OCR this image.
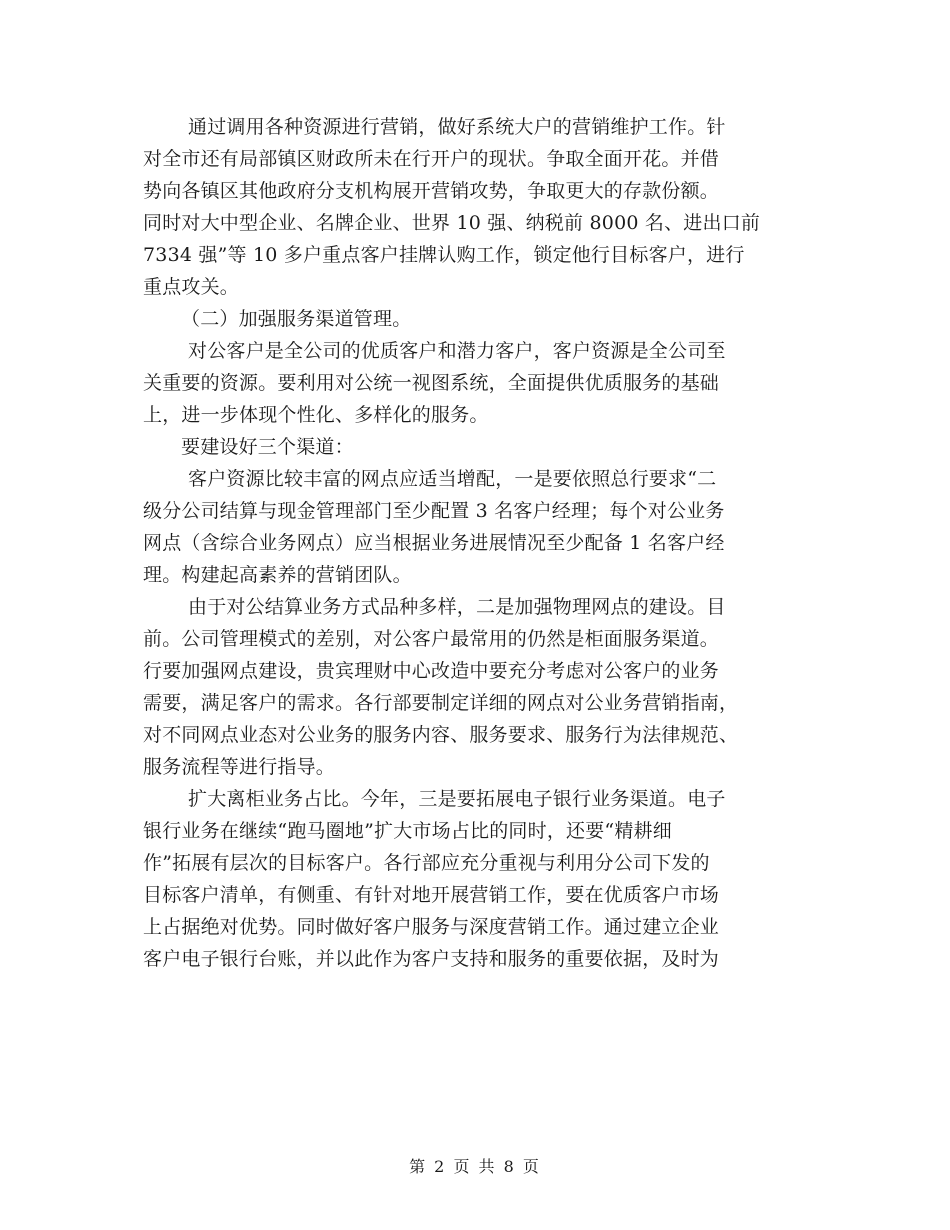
通过调用各种资源进行营销，做好系统大户的营销维护工作。针
对全市还有局部镇区财政所未在行开户的现状。争取全面开花。并借
势向各镇区其他政府分支机构展开营销攻势，争取更大的存款份额。
同时对大中型企业、名牌企业、世界 10 强、纳税前 8000 名、进出口前
7334 强”等 10 多户重点客户挂牌认购工作，锁定他行目标客户，进行
重点攻关。
（二）加强服务渠道管理。
对公客户是全公司的优质客户和潜力客户，客户资源是全公司至
关重要的资源。要利用对公统一视图系统，全面提供优质服务的基础
上，进一步体现个性化、多样化的服务。
要建设好三个渠道：
客户资源比较丰富的网点应适当增配，一是要依照总行要求“二
级分公司结算与现金管理部门至少配置 3 名客户经理；每个对公业务
网点（含综合业务网点）应当根据业务进展情况至少配备 1 名客户经
理。构建起高素养的营销团队。
由于对公结算业务方式品种多样，二是加强物理网点的建设。目
前。公司管理模式的差别，对公客户最常用的仍然是柜面服务渠道。
行要加强网点建设，贵宾理财中心改造中要充分考虑对公客户的业务
需要，满足客户的需求。各行部要制定详细的网点对公业务营销指南，
对不同网点业态对公业务的服务内容、服务要求、服务行为法律规范、
服务流程等进行指导。
扩大离柜业务占比。今年，三是要拓展电子银行业务渠道。电子
银行业务在继续“跑马圈地”扩大市场占比的同时，还要“精耕细
作”拓展有层次的目标客户。各行部应充分重视与利用分公司下发的
目标客户清单，有侧重、有针对地开展营销工作，要在优质客户市场
上占据绝对优势。同时做好客户服务与深度营销工作。通过建立企业
客户电子银行台账，并以此作为客户支持和服务的重要依据，及时为
第 2 页 共 8 页
